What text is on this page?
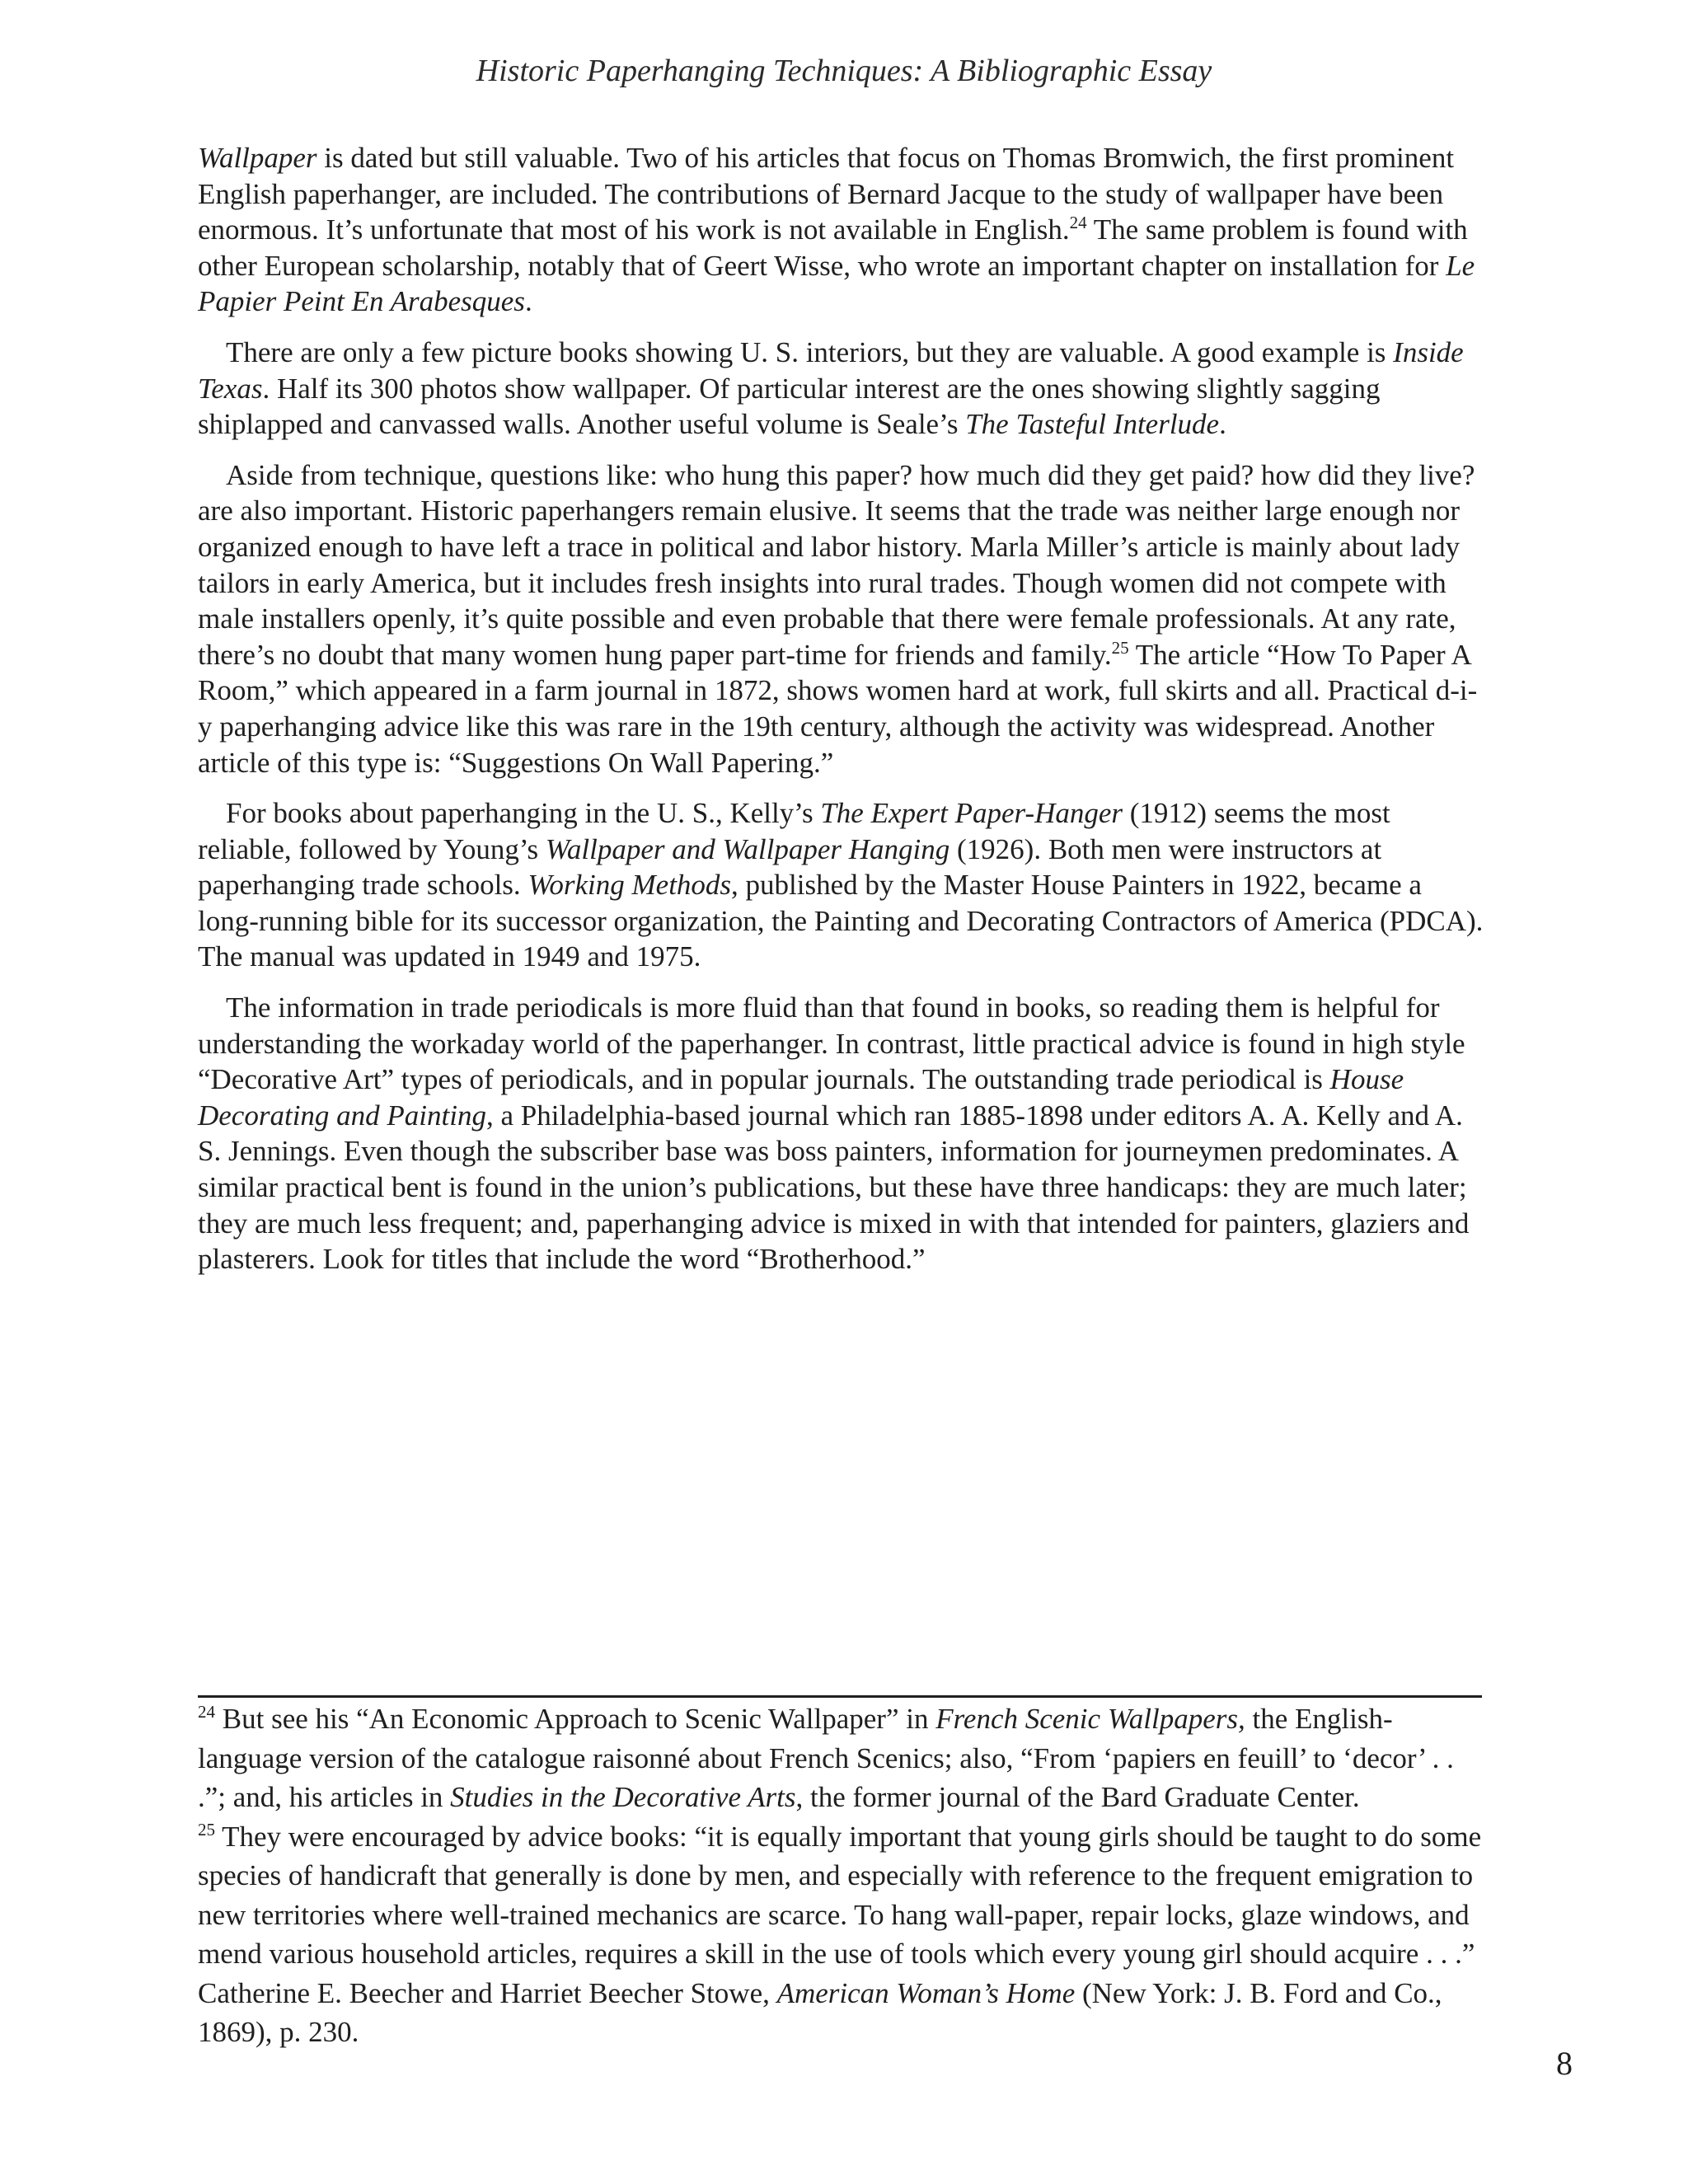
Historic Paperhanging Techniques: A Bibliographic Essay

Wallpaper is dated but still valuable. Two of his articles that focus on Thomas Bromwich, the first prominent English paperhanger, are included. The contributions of Bernard Jacque to the study of wallpaper have been enormous. It’s unfortunate that most of his work is not available in English.$^{24}$ The same problem is found with other European scholarship, notably that of Geert Wisse, who wrote an important chapter on installation for Le Papier Peint En Arabesques.

There are only a few picture books showing U. S. interiors, but they are valuable. A good example is Inside Texas. Half its 300 photos show wallpaper. Of particular interest are the ones showing slightly sagging shiplapped and canvassed walls. Another useful volume is Seale’s The Tasteful Interlude.

Aside from technique, questions like: who hung this paper? how much did they get paid? how did they live? are also important. Historic paperhangers remain elusive. It seems that the trade was neither large enough nor organized enough to have left a trace in political and labor history. Marla Miller’s article is mainly about lady tailors in early America, but it includes fresh insights into rural trades. Though women did not compete with male installers openly, it’s quite possible and even probable that there were female professionals. At any rate, there’s no doubt that many women hung paper part-time for friends and family.$^{25}$ The article “How To Paper A Room,” which appeared in a farm journal in 1872, shows women hard at work, full skirts and all. Practical d-i-y paperhanging advice like this was rare in the 19th century, although the activity was widespread. Another article of this type is: “Suggestions On Wall Papering.”

For books about paperhanging in the U. S., Kelly’s The Expert Paper-Hanger (1912) seems the most reliable, followed by Young’s Wallpaper and Wallpaper Hanging (1926). Both men were instructors at paperhanging trade schools. Working Methods, published by the Master House Painters in 1922, became a long-running bible for its successor organization, the Painting and Decorating Contractors of America (PDCA). The manual was updated in 1949 and 1975.

The information in trade periodicals is more fluid than that found in books, so reading them is helpful for understanding the workaday world of the paperhanger. In contrast, little practical advice is found in high style “Decorative Art” types of periodicals, and in popular journals. The outstanding trade periodical is House Decorating and Painting, a Philadelphia-based journal which ran 1885-1898 under editors A. A. Kelly and A. S. Jennings. Even though the subscriber base was boss painters, information for journeymen predominates. A similar practical bent is found in the union’s publications, but these have three handicaps: they are much later; they are much less frequent; and, paperhanging advice is mixed in with that intended for painters, glaziers and plasterers. Look for titles that include the word “Brotherhood.”

$^{24}$ But see his “An Economic Approach to Scenic Wallpaper” in French Scenic Wallpapers, the English-language version of the catalogue raisonné about French Scenics; also, “From ‘papiers en feuill’ to ‘decor’ . . .”; and, his articles in Studies in the Decorative Arts, the former journal of the Bard Graduate Center.

$^{25}$ They were encouraged by advice books: “it is equally important that young girls should be taught to do some species of handicraft that generally is done by men, and especially with reference to the frequent emigration to new territories where well-trained mechanics are scarce. To hang wall-paper, repair locks, glaze windows, and mend various household articles, requires a skill in the use of tools which every young girl should acquire . . .” Catherine E. Beecher and Harriet Beecher Stowe, American Woman’s Home (New York: J. B. Ford and Co., 1869), p. 230.

8
